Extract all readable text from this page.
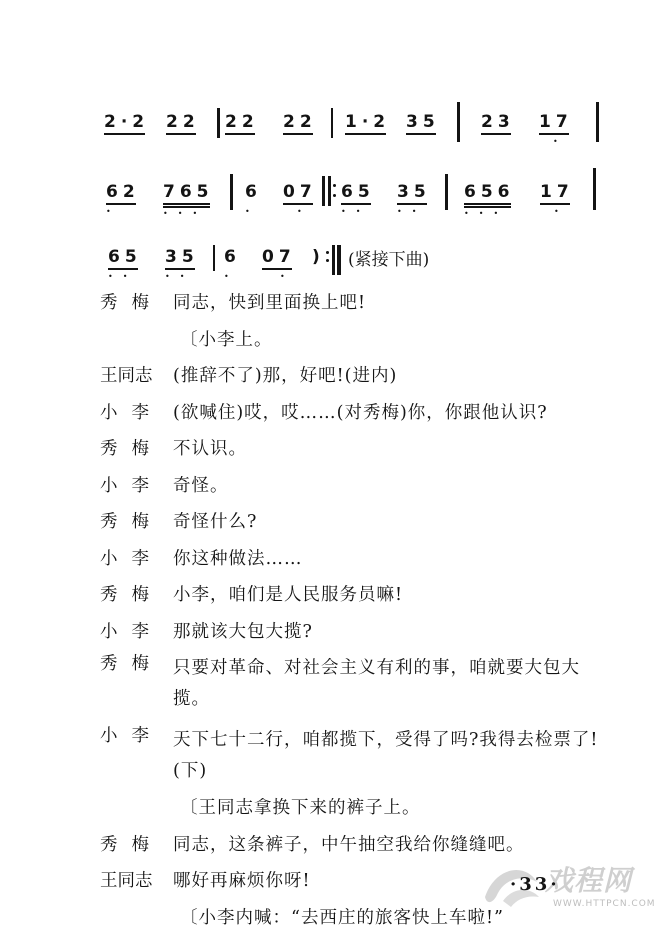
2·2 22 22 22 1·2 35 23 17
•
62
•
765
•••
6
•
07
•
65
••
35
••
656
•••
17
•
65
••
35
••
6
•
07
•
) (紧接下曲)
秀梅 同志，快到里面换上吧!
〔小李上。
王同志	(推辞不了)那，好吧!(进内)
小李 (欲喊住)哎，哎……(对秀梅)你，你跟他认识?
秀梅 不认识。
小李 奇怪。
秀梅 奇怪什么?
小李 你这种做法……
秀梅 小李，咱们是人民服务员嘛!
小李 那就该大包大揽?
秀梅 只要对革命、对社会主义有利的事，咱就要大包大揽。
小李 天下七十二行，咱都揽下，受得了吗?我得去检票了!(下)
〔王同志拿换下来的裤子上。
秀梅 同志，这条裤子，中午抽空我给你缝缝吧。
王同志	哪好再麻烦你呀!
〔小李内喊：“去西庄的旅客快上车啦!”
戏程网
WWW.HTTPCN.COM
·33·
